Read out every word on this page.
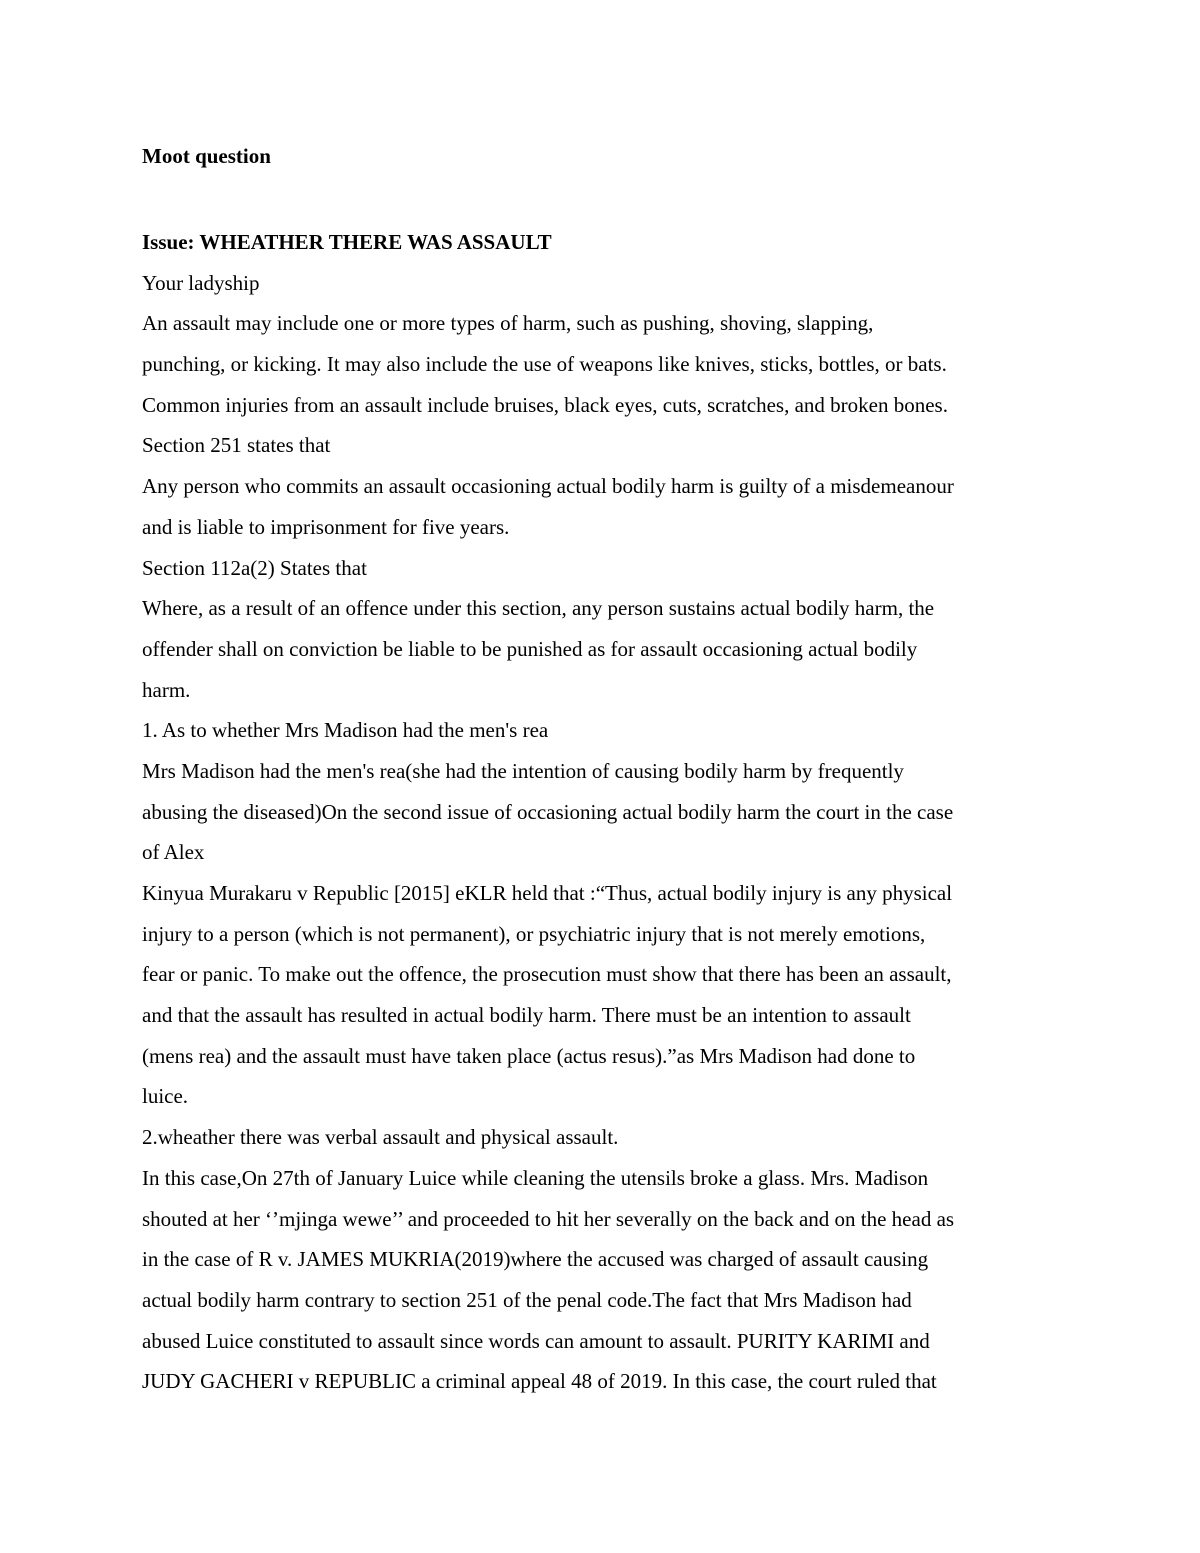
Moot question
Issue: WHEATHER THERE WAS ASSAULT
Your ladyship
An assault may include one or more types of harm, such as pushing, shoving, slapping,
punching, or kicking. It may also include the use of weapons like knives, sticks, bottles, or bats.
Common injuries from an assault include bruises, black eyes, cuts, scratches, and broken bones.
Section 251 states that
Any person who commits an assault occasioning actual bodily harm is guilty of a misdemeanour
and is liable to imprisonment for five years.
Section 112a(2) States that
Where, as a result of an offence under this section, any person sustains actual bodily harm, the
offender shall on conviction be liable to be punished as for assault occasioning actual bodily
harm.
1. As to whether Mrs Madison had the men's rea
Mrs Madison had the men's rea(she had the intention of causing bodily harm by frequently
abusing the diseased)On the second issue of occasioning actual bodily harm the court in the case
of Alex
Kinyua Murakaru v Republic [2015] eKLR held that :“Thus, actual bodily injury is any physical
injury to a person (which is not permanent), or psychiatric injury that is not merely emotions,
fear or panic. To make out the offence, the prosecution must show that there has been an assault,
and that the assault has resulted in actual bodily harm. There must be an intention to assault
(mens rea) and the assault must have taken place (actus resus).”as Mrs Madison had done to
luice.
2.wheather there was verbal assault and physical assault.
In this case,On 27th of January Luice while cleaning the utensils broke a glass. Mrs. Madison
shouted at her ‘’mjinga wewe’’ and proceeded to hit her severally on the back and on the head as
in the case of R v. JAMES MUKRIA(2019)where the accused was charged of assault causing
actual bodily harm contrary to section 251 of the penal code.The fact that Mrs Madison had
abused Luice constituted to assault since words can amount to assault. PURITY KARIMI and
JUDY GACHERI v REPUBLIC a criminal appeal 48 of 2019. In this case, the court ruled that
